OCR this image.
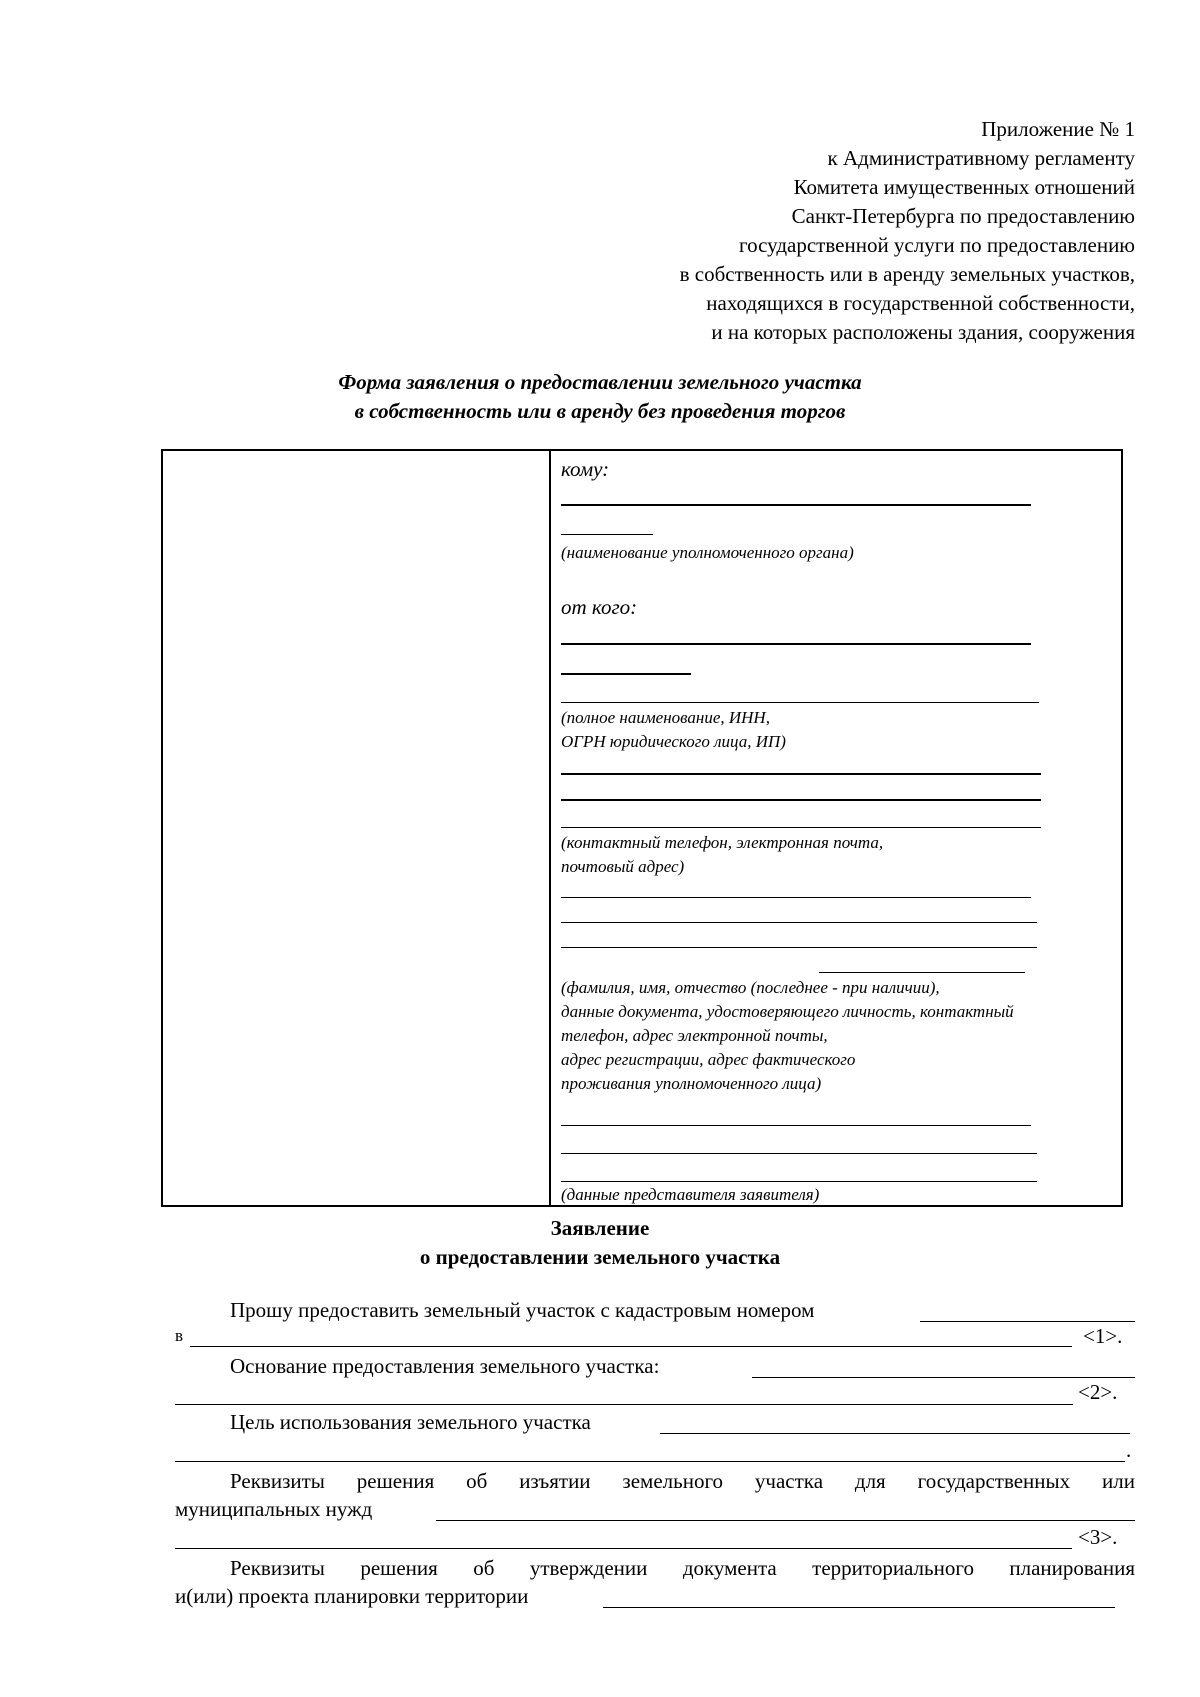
Приложение № 1
к Административному регламенту
Комитета имущественных отношений
Санкт-Петербурга по предоставлению
государственной услуги по предоставлению
в собственность или в аренду земельных участков,
находящихся в государственной собственности,
и на которых расположены здания, сооружения
Форма заявления о предоставлении земельного участка
в собственность или в аренду без проведения торгов
кому:
(наименование уполномоченного органа)
от кого:
(полное наименование, ИНН,
ОГРН юридического лица, ИП)
(контактный телефон, электронная почта,
почтовый адрес)
(фамилия, имя, отчество (последнее - при наличии),
данные документа, удостоверяющего личность, контактный
телефон, адрес электронной почты,
адрес регистрации, адрес фактического
проживания уполномоченного лица)
(данные представителя заявителя)
Заявление
о предоставлении земельного участка
Прошу предоставить земельный участок с кадастровым номером
в	<1>.
Основание предоставления земельного участка:
<2>.
Цель использования земельного участка
.
Реквизиты решения об изъятии земельного участка для государственных или
муниципальных нужд
<3>.
Реквизиты решения об утверждении документа территориального планирования
и(или) проекта планировки территории
